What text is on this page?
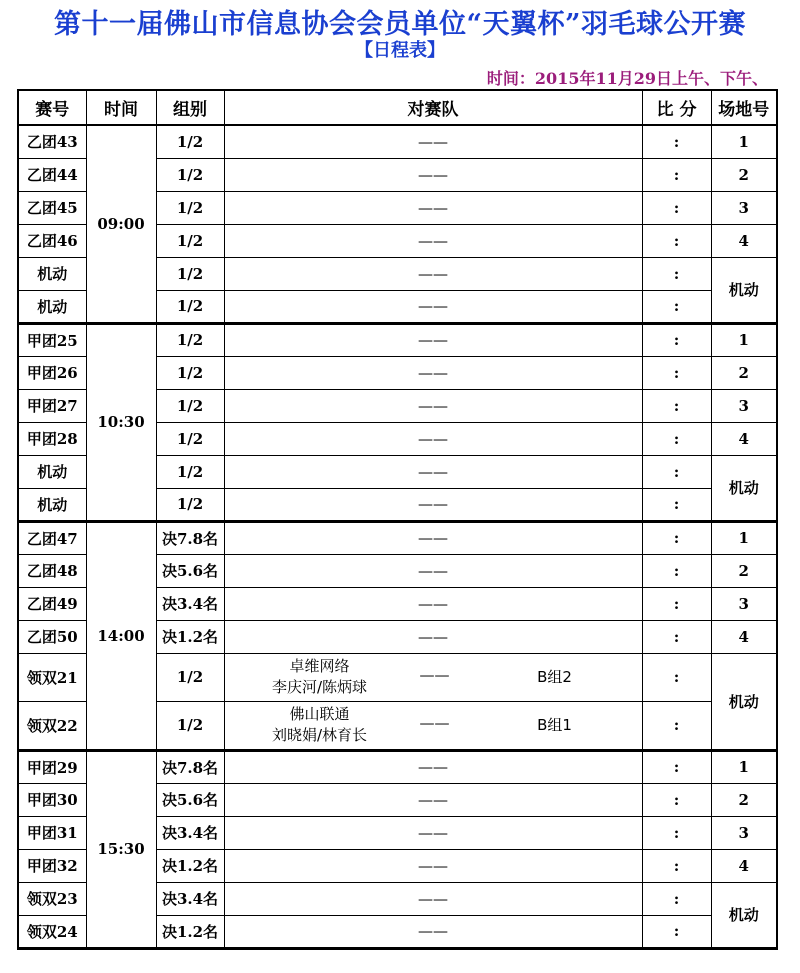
第十一届佛山市信息协会会员单位“天翼杯”羽毛球公开赛
【日程表】
时间：2015年11月29日上午、下午、
赛号	时间	组别	对赛队	比 分	场地号
乙团43	09:00	1/2	——	:	1
乙团44		1/2	——	:	2
乙团45		1/2	——	:	3
乙团46		1/2	——	:	4
机动		1/2	——	:	机动
机动		1/2	——	:	
甲团25	10:30	1/2	——	:	1
甲团26		1/2	——	:	2
甲团27		1/2	——	:	3
甲团28		1/2	——	:	4
机动		1/2	——	:	机动
机动		1/2	——	:	
乙团47	14:00	决7.8名	——	:	1
乙团48		决5.6名	——	:	2
乙团49		决3.4名	——	:	3
乙团50		决1.2名	——	:	4
领双21		1/2	卓维网络
李庆河/陈炳球
—— B组2	:	机动
领双22		1/2	佛山联通
刘晓娟/林育长
—— B组1	:	
甲团29	15:30	决7.8名	——	:	1
甲团30		决5.6名	——	:	2
甲团31		决3.4名	——	:	3
甲团32		决1.2名	——	:	4
领双23		决3.4名	——	:	机动
领双24		决1.2名	——	:	
